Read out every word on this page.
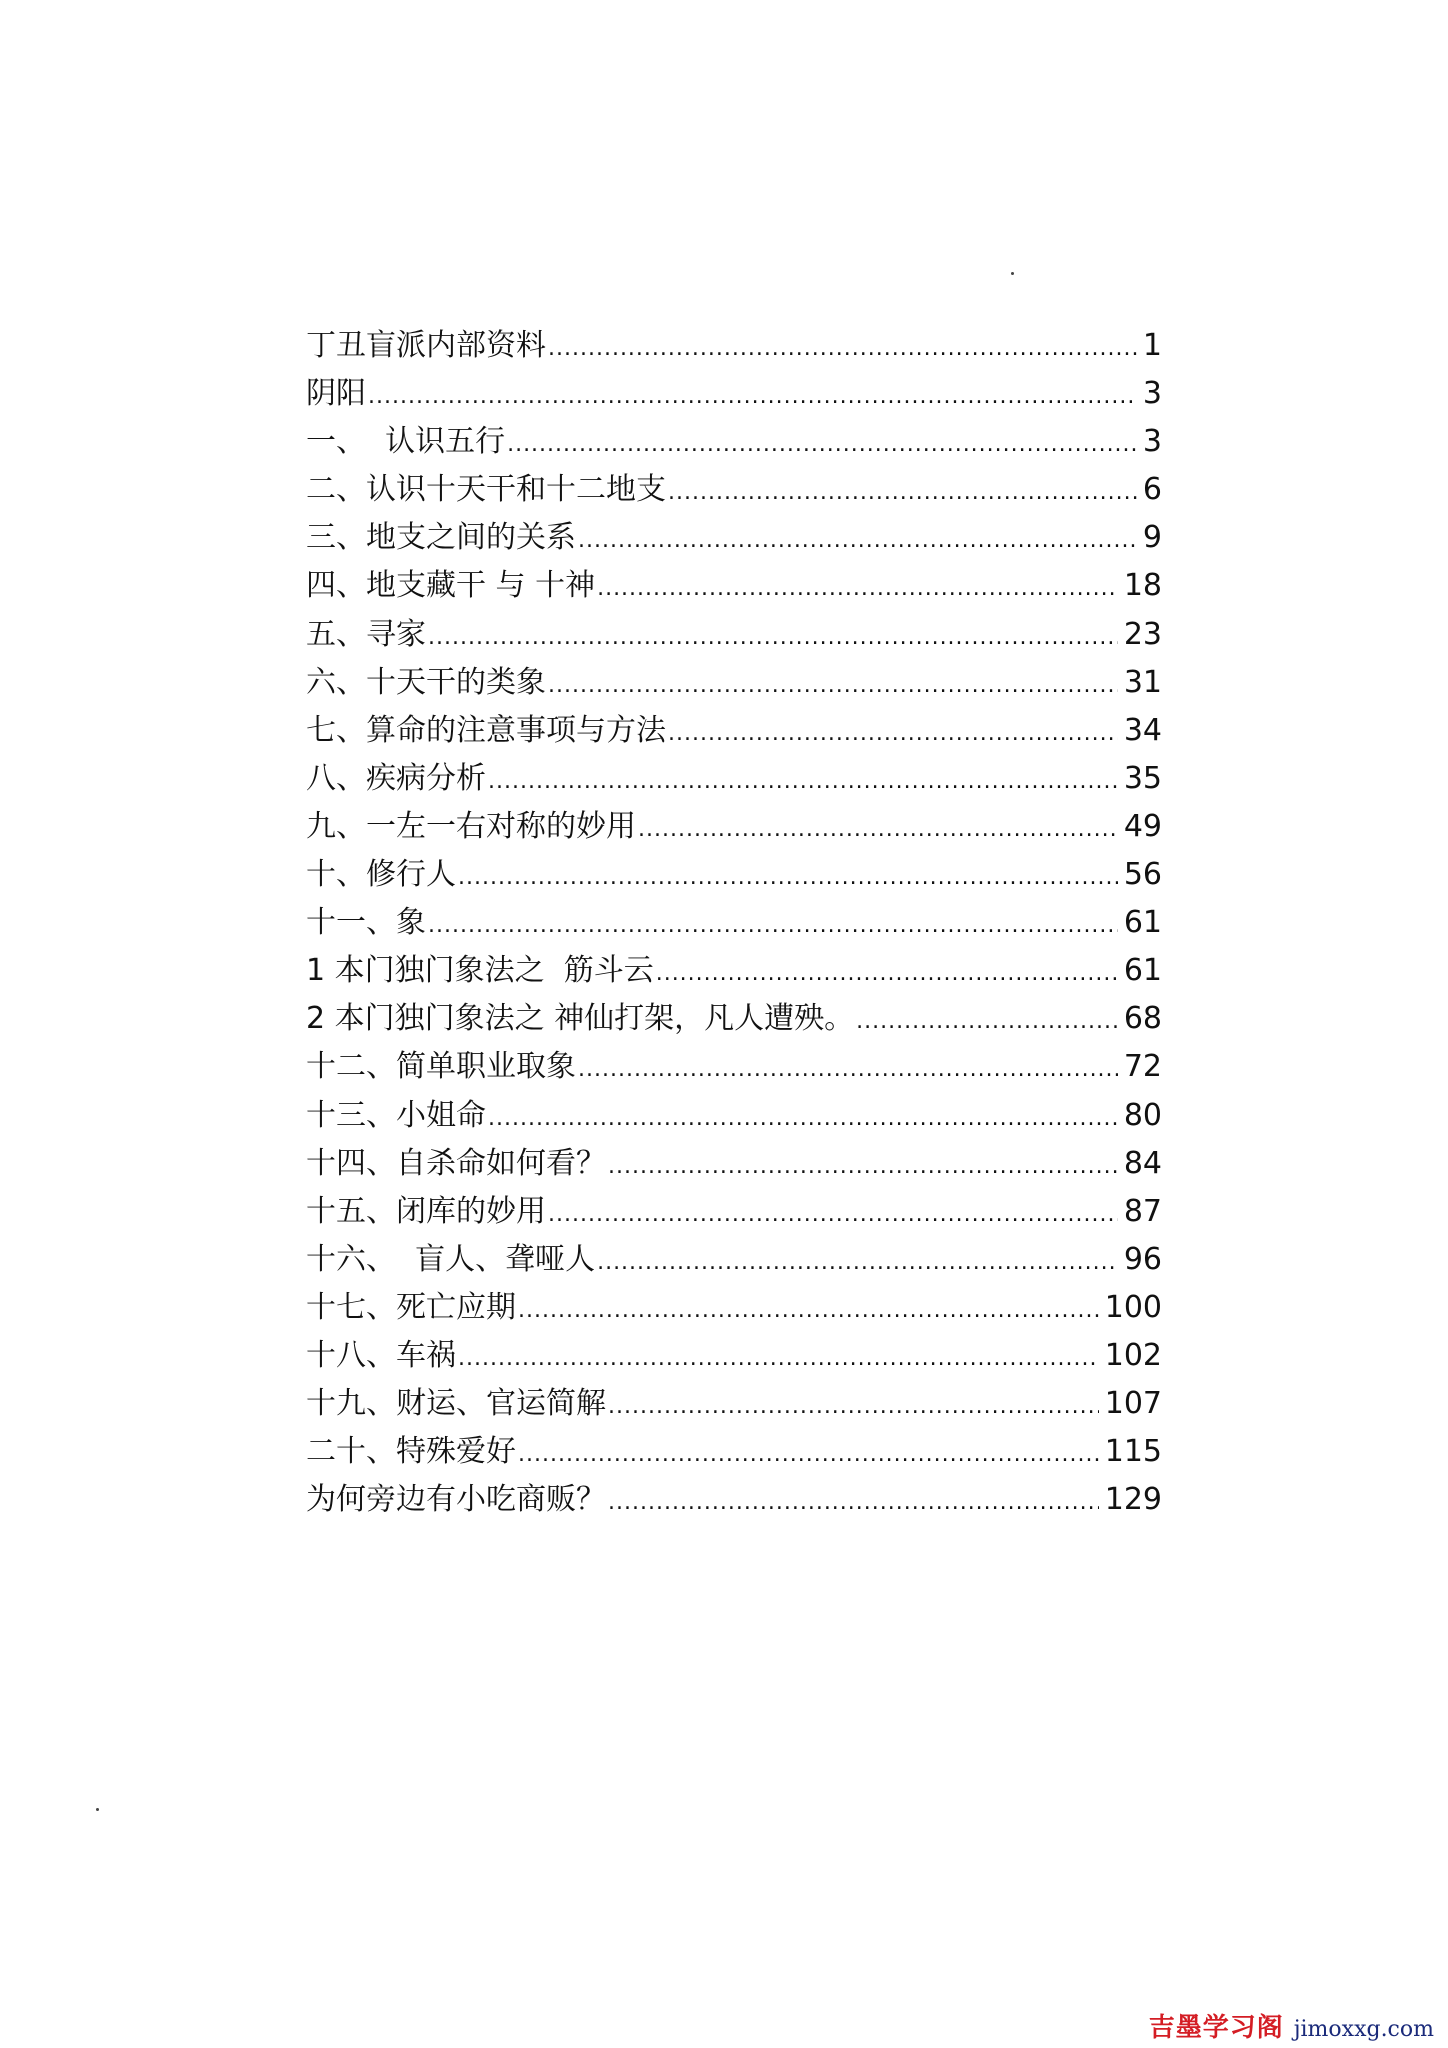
丁丑盲派内部资料 .....	1
阴阳 .....	3
一、  认识五行 .....	3
二、认识十天干和十二地支 .....	6
三、地支之间的关系 .....	9
四、地支藏干 与 十神 .....	18
五、寻家 .....	23
六、十天干的类象 .....	31
七、算命的注意事项与方法 .....	34
八、疾病分析 .....	35
九、一左一右对称的妙用 .....	49
十、修行人 .....	56
十一、象 .....	61
1 本门独门象法之  筋斗云 .....	61
2 本门独门象法之 神仙打架，凡人遭殃。 .....	68
十二、简单职业取象 .....	72
十三、小姐命 .....	80
十四、自杀命如何看？ .....	84
十五、闭库的妙用 .....	87
十六、  盲人、聋哑人 .....	96
十七、死亡应期 .....	100
十八、车祸 .....	102
十九、财运、官运简解 .....	107
二十、特殊爱好 .....	115
为何旁边有小吃商贩？ .....	129
吉墨学习阁 jimoxxg.com
